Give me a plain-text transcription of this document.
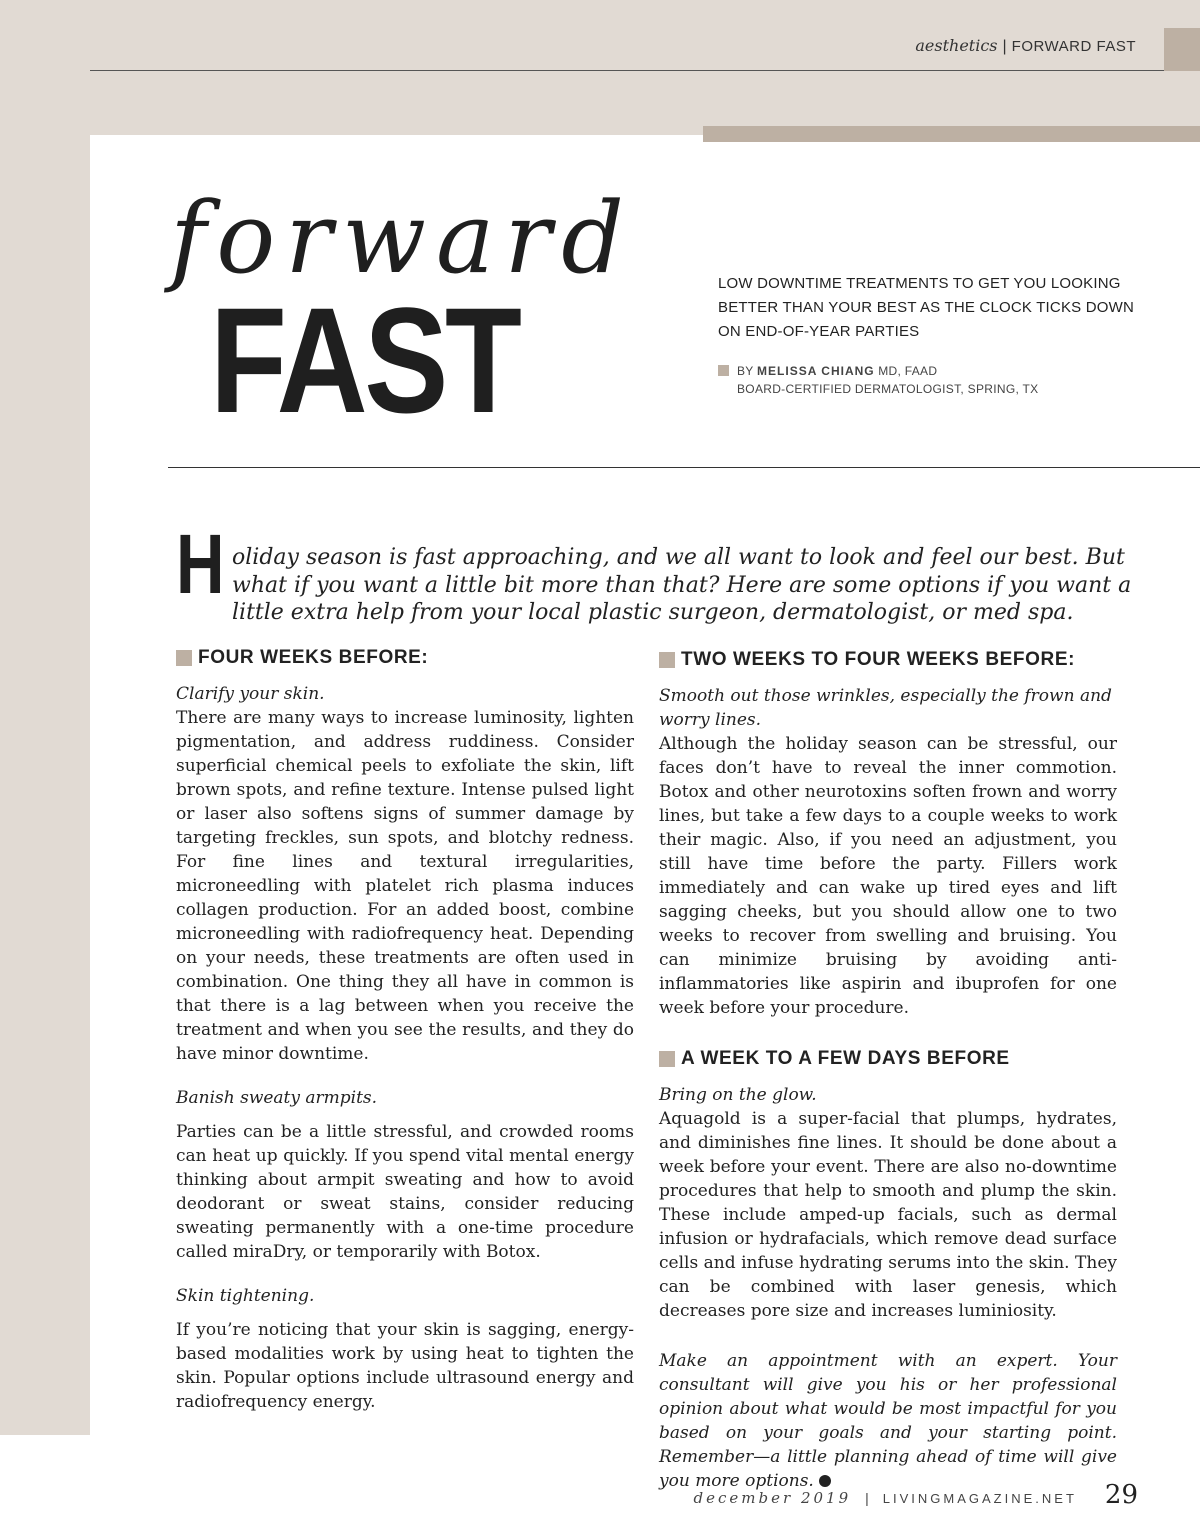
aesthetics | FORWARD FAST
forward
FAST	LOW DOWNTIME TREATMENTS TO GET YOU LOOKING BETTER THAN YOUR BEST AS THE CLOCK TICKS DOWN ON END-OF-YEAR PARTIES
BY MELISSA CHIANG MD, FAAD
BOARD-CERTIFIED DERMATOLOGIST, SPRING, TX
H oliday season is fast approaching, and we all want to look and feel our best. But what if you want a little bit more than that? Here are some options if you want a little extra help from your local plastic surgeon, dermatologist, or med spa.

FOUR WEEKS BEFORE:

Clarify your skin.

There are many ways to increase luminosity, lighten pigmentation, and address ruddiness. Consider superficial chemical peels to exfoliate the skin, lift brown spots, and refine texture. Intense pulsed light or laser also softens signs of summer damage by targeting freckles, sun spots, and blotchy redness. For fine lines and textural irregularities, microneedling with platelet rich plasma induces collagen production. For an added boost, combine microneedling with radiofrequency heat. Depending on your needs, these treatments are often used in combination. One thing they all have in common is that there is a lag between when you receive the treatment and when you see the results, and they do have minor downtime.

Banish sweaty armpits.

Parties can be a little stressful, and crowded rooms can heat up quickly. If you spend vital mental energy thinking about armpit sweating and how to avoid deodorant or sweat stains, consider reducing sweating permanently with a one-time procedure called miraDry, or temporarily with Botox.

Skin tightening.

If you’re noticing that your skin is sagging, energy-based modalities work by using heat to tighten the skin. Popular options include ultrasound energy and radiofrequency energy.

TWO WEEKS TO FOUR WEEKS BEFORE:

Smooth out those wrinkles, especially the frown and worry lines.

Although the holiday season can be stressful, our faces don’t have to reveal the inner commotion. Botox and other neurotoxins soften frown and worry lines, but take a few days to a couple weeks to work their magic. Also, if you need an adjustment, you still have time before the party. Fillers work immediately and can wake up tired eyes and lift sagging cheeks, but you should allow one to two weeks to recover from swelling and bruising. You can minimize bruising by avoiding anti-inflammatories like aspirin and ibuprofen for one week before your procedure.

A WEEK TO A FEW DAYS BEFORE

Bring on the glow.

Aquagold is a super-facial that plumps, hydrates, and diminishes fine lines. It should be done about a week before your event. There are also no-downtime procedures that help to smooth and plump the skin. These include amped-up facials, such as dermal infusion or hydrafacials, which remove dead surface cells and infuse hydrating serums into the skin. They can be combined with laser genesis, which decreases pore size and increases luminiosity.

Make an appointment with an expert. Your consultant will give you his or her professional opinion about what would be most impactful for you based on your goals and your starting point. Remember—a little planning ahead of time will give you more options.

december 2019 | LIVINGMAGAZINE.NET 29
